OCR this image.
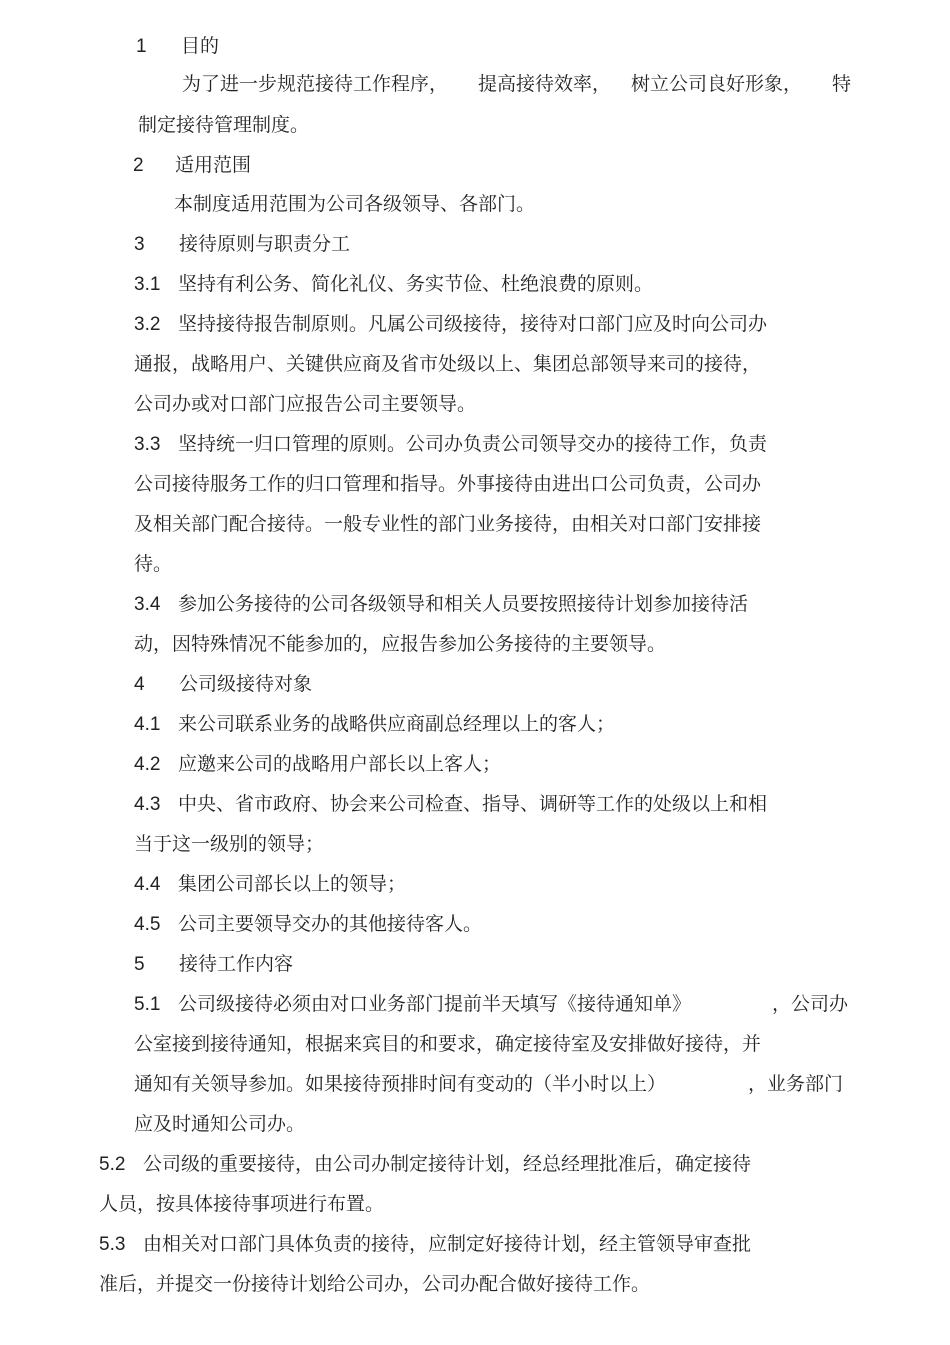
1 目的

为了进一步规范接待工作程序， 提高接待效率， 树立公司良好形象， 特

制定接待管理制度。

2 适用范围

本制度适用范围为公司各级领导、各部门。

3 接待原则与职责分工

3.1 坚持有利公务、简化礼仪、务实节俭、杜绝浪费的原则。

3.2 坚持接待报告制原则。凡属公司级接待，接待对口部门应及时向公司办

通报，战略用户、关键供应商及省市处级以上、集团总部领导来司的接待，

公司办或对口部门应报告公司主要领导。

3.3 坚持统一归口管理的原则。公司办负责公司领导交办的接待工作，负责

公司接待服务工作的归口管理和指导。外事接待由进出口公司负责，公司办

及相关部门配合接待。一般专业性的部门业务接待，由相关对口部门安排接

待。

3.4 参加公务接待的公司各级领导和相关人员要按照接待计划参加接待活

动，因特殊情况不能参加的，应报告参加公务接待的主要领导。

4 公司级接待对象

4.1 来公司联系业务的战略供应商副总经理以上的客人；

4.2 应邀来公司的战略用户部长以上客人；

4.3 中央、省市政府、协会来公司检查、指导、调研等工作的处级以上和相

当于这一级别的领导；

4.4 集团公司部长以上的领导；

4.5 公司主要领导交办的其他接待客人。

5 接待工作内容

5.1 公司级接待必须由对口业务部门提前半天填写《接待通知单》	，公司办

公室接到接待通知，根据来宾目的和要求，确定接待室及安排做好接待，并

通知有关领导参加。如果接待预排时间有变动的（半小时以上）	，业务部门

应及时通知公司办。

5.2 公司级的重要接待，由公司办制定接待计划，经总经理批准后，确定接待

人员，按具体接待事项进行布置。

5.3 由相关对口部门具体负责的接待，应制定好接待计划，经主管领导审查批

准后，并提交一份接待计划给公司办，公司办配合做好接待工作。
